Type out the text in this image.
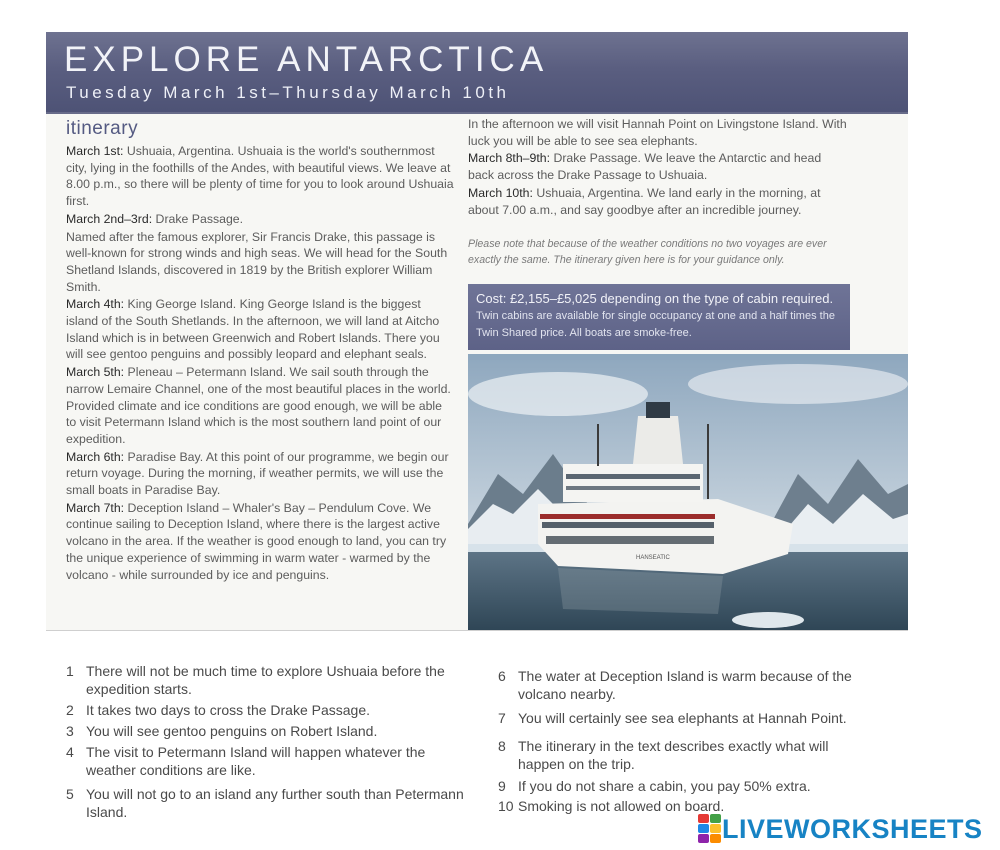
EXPLORE ANTARCTICA
Tuesday March 1st–Thursday March 10th
itinerary

March 1st: Ushuaia, Argentina. Ushuaia is the world's southernmost city, lying in the foothills of the Andes, with beautiful views. We leave at 8.00 p.m., so there will be plenty of time for you to look around Ushuaia first.

March 2nd–3rd: Drake Passage.

Named after the famous explorer, Sir Francis Drake, this passage is well-known for strong winds and high seas. We will head for the South Shetland Islands, discovered in 1819 by the British explorer William Smith.

March 4th: King George Island. King George Island is the biggest island of the South Shetlands. In the afternoon, we will land at Aitcho Island which is in between Greenwich and Robert Islands. There you will see gentoo penguins and possibly leopard and elephant seals.

March 5th: Pleneau – Petermann Island. We sail south through the narrow Lemaire Channel, one of the most beautiful places in the world. Provided climate and ice conditions are good enough, we will be able to visit Petermann Island which is the most southern land point of our expedition.

March 6th: Paradise Bay. At this point of our programme, we begin our return voyage. During the morning, if weather permits, we will use the small boats in Paradise Bay.

March 7th: Deception Island – Whaler's Bay – Pendulum Cove. We continue sailing to Deception Island, where there is the largest active volcano in the area. If the weather is good enough to land, you can try the unique experience of swimming in warm water - warmed by the volcano - while surrounded by ice and penguins.

In the afternoon we will visit Hannah Point on Livingstone Island. With luck you will be able to see sea elephants.

March 8th–9th: Drake Passage. We leave the Antarctic and head back across the Drake Passage to Ushuaia.

March 10th: Ushuaia, Argentina. We land early in the morning, at about 7.00 a.m., and say goodbye after an incredible journey.

Please note that because of the weather conditions no two voyages are ever exactly the same. The itinerary given here is for your guidance only.
Cost: £2,155–£5,025 depending on the type of cabin required.
Twin cabins are available for single occupancy at one and a half times the Twin Shared price. All boats are smoke-free.
HANSEATIC
1 There will not be much time to explore Ushuaia before the expedition starts.
2 It takes two days to cross the Drake Passage.
3 You will see gentoo penguins on Robert Island.
4 The visit to Petermann Island will happen whatever the weather conditions are like.
5 You will not go to an island any further south than Petermann Island.
6 The water at Deception Island is warm because of the volcano nearby.
7 You will certainly see sea elephants at Hannah Point.
8 The itinerary in the text describes exactly what will happen on the trip.
9 If you do not share a cabin, you pay 50% extra.
10 Smoking is not allowed on board.
LIVEWORKSHEETS
